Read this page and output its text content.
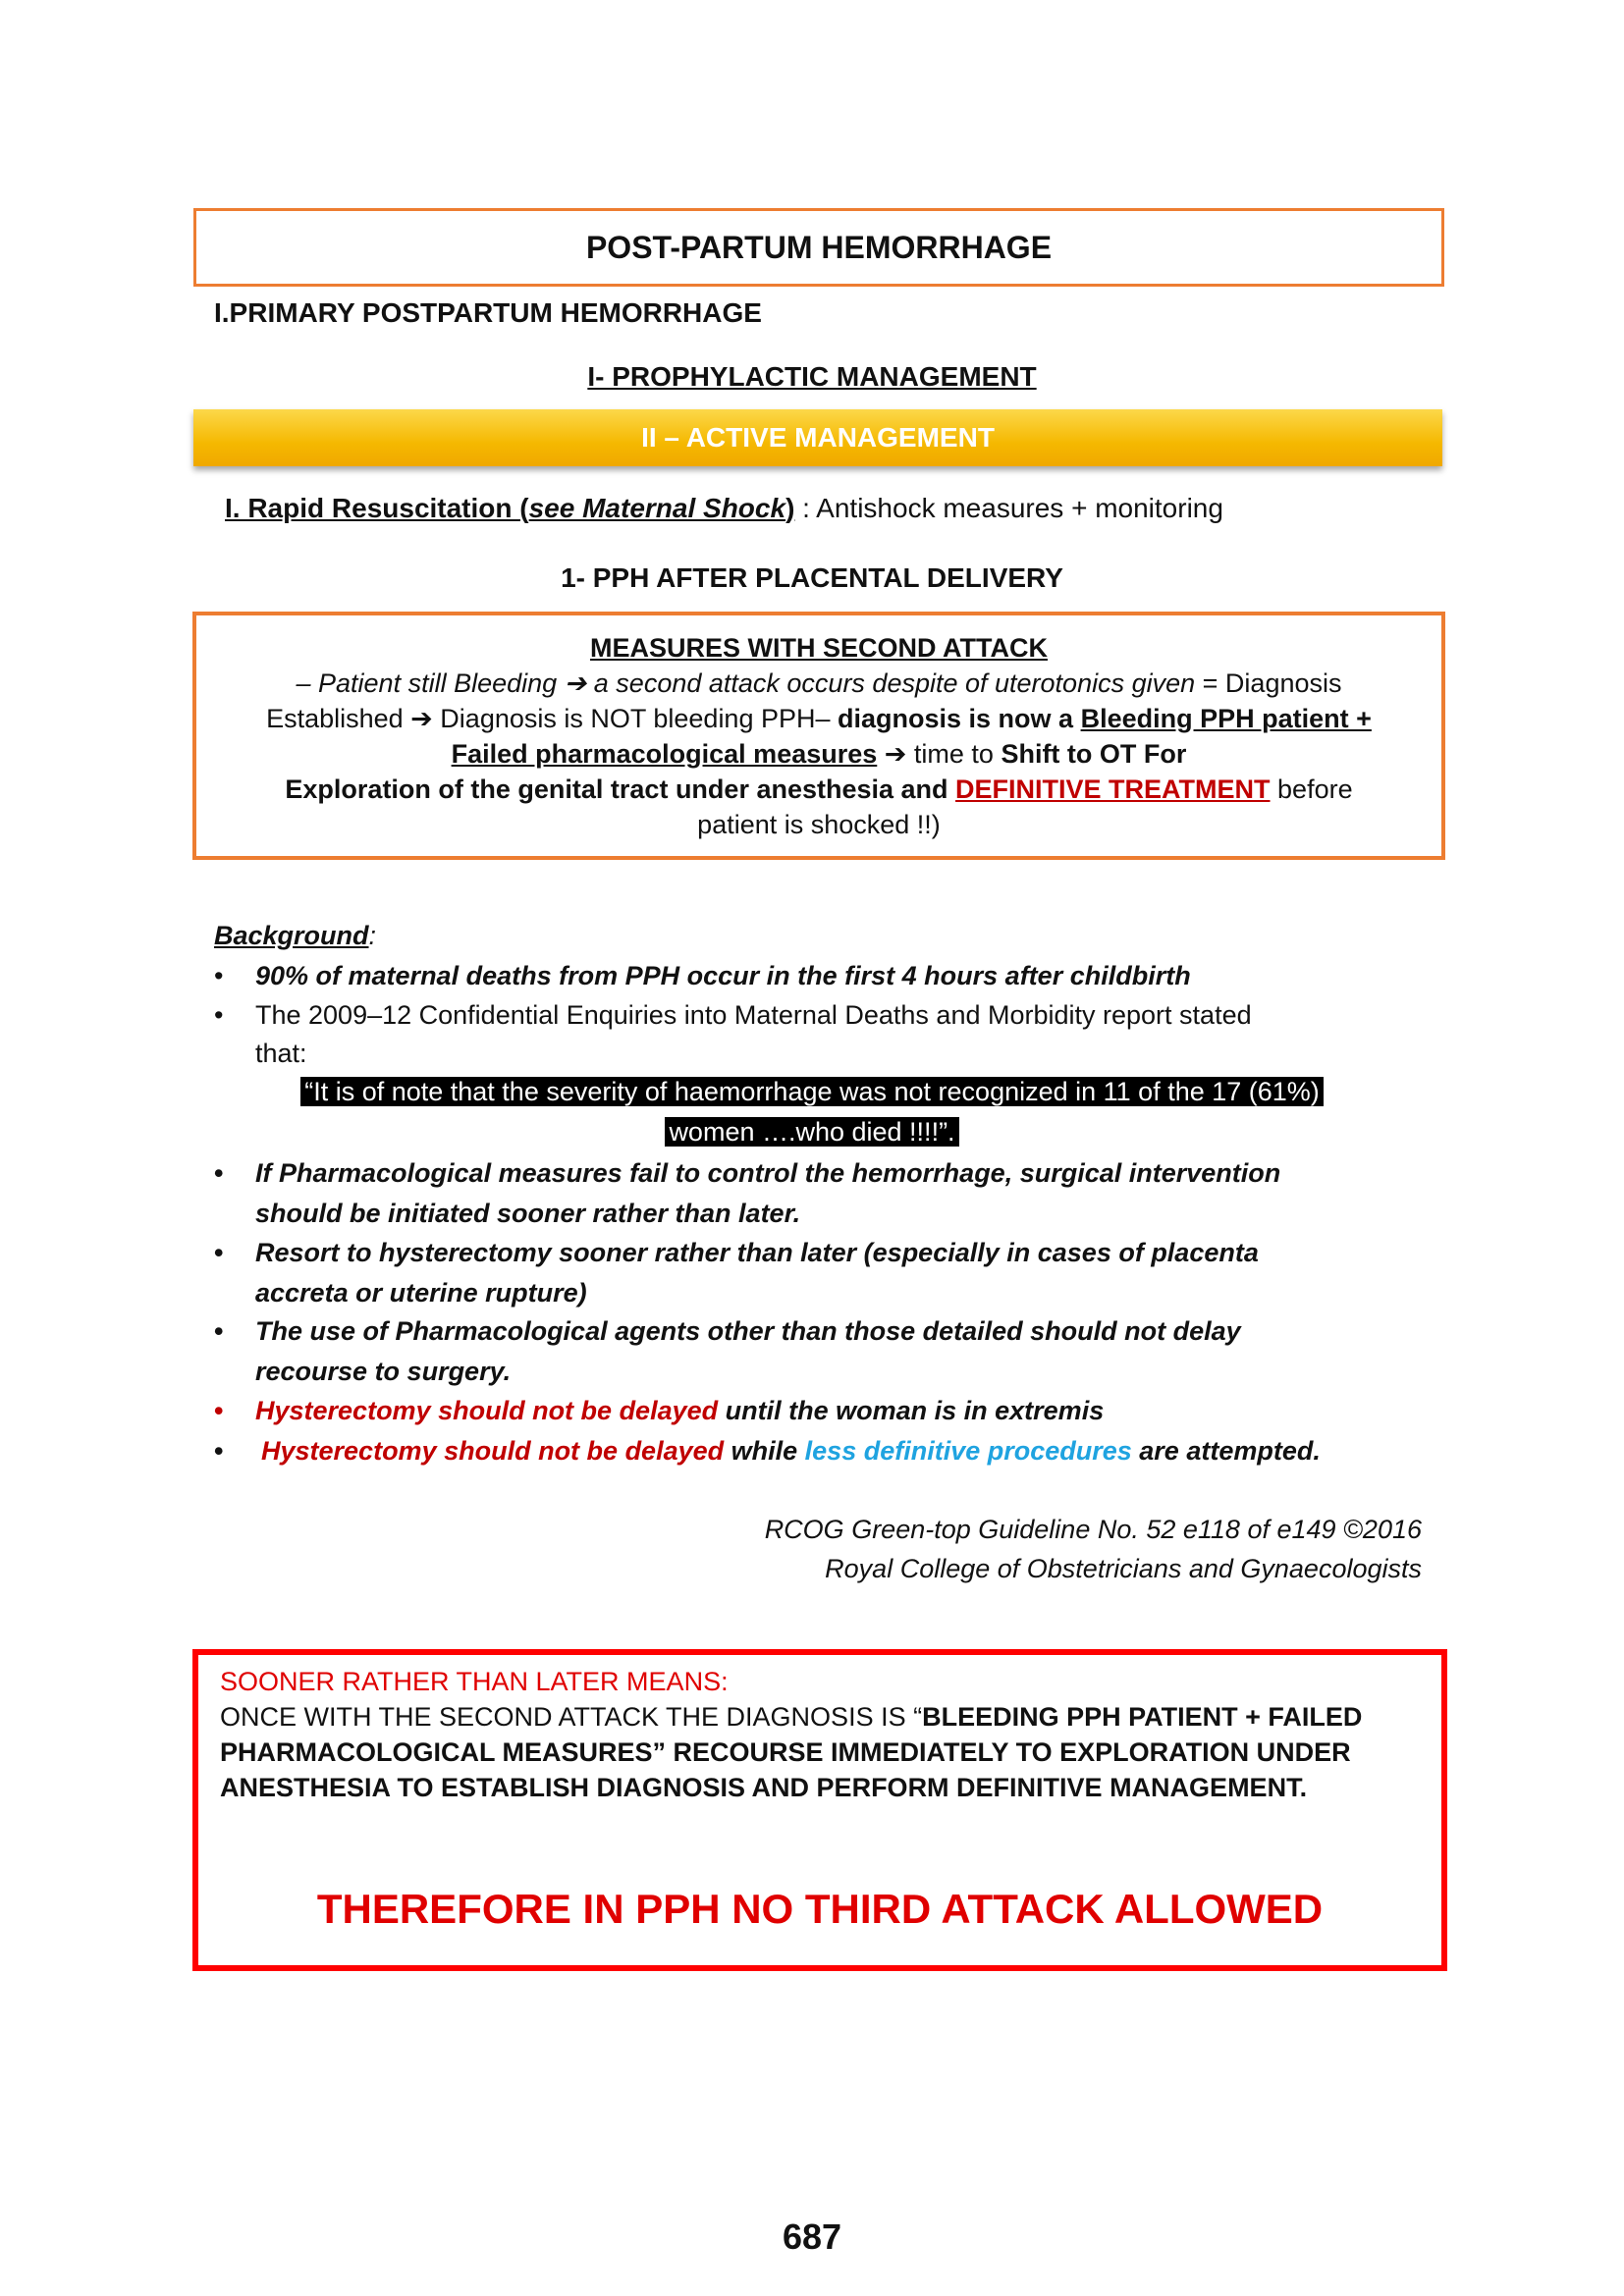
POST-PARTUM HEMORRHAGE
I.PRIMARY POSTPARTUM HEMORRHAGE
I- PROPHYLACTIC MANAGEMENT
II – ACTIVE MANAGEMENT
I. Rapid Resuscitation (see Maternal Shock) : Antishock measures + monitoring
1- PPH AFTER PLACENTAL DELIVERY
MEASURES WITH SECOND ATTACK
– Patient still Bleeding ➔ a second attack occurs despite of uterotonics given = Diagnosis
Established ➔ Diagnosis is NOT bleeding PPH– diagnosis is now a Bleeding PPH patient +
Failed pharmacological measures ➔ time to Shift to OT For
Exploration of the genital tract under anesthesia and DEFINITIVE TREATMENT before
patient is shocked !!)
Background:
• 90% of maternal deaths from PPH occur in the first 4 hours after childbirth
• The 2009–12 Confidential Enquiries into Maternal Deaths and Morbidity report stated
that:
“It is of note that the severity of haemorrhage was not recognized in 11 of the 17 (61%)
women ….who died !!!!”.
• If Pharmacological measures fail to control the hemorrhage, surgical intervention
should be initiated sooner rather than later.
• Resort to hysterectomy sooner rather than later (especially in cases of placenta
accreta or uterine rupture)
• The use of Pharmacological agents other than those detailed should not delay
recourse to surgery.
• Hysterectomy should not be delayed until the woman is in extremis
• Hysterectomy should not be delayed while less definitive procedures are attempted.
RCOG Green-top Guideline No. 52 e118 of e149 ©2016
Royal College of Obstetricians and Gynaecologists
SOONER RATHER THAN LATER MEANS:
ONCE WITH THE SECOND ATTACK THE DIAGNOSIS IS “BLEEDING PPH PATIENT + FAILED
PHARMACOLOGICAL MEASURES” RECOURSE IMMEDIATELY TO EXPLORATION UNDER
ANESTHESIA TO ESTABLISH DIAGNOSIS AND PERFORM DEFINITIVE MANAGEMENT.
THEREFORE IN PPH NO THIRD ATTACK ALLOWED
687
